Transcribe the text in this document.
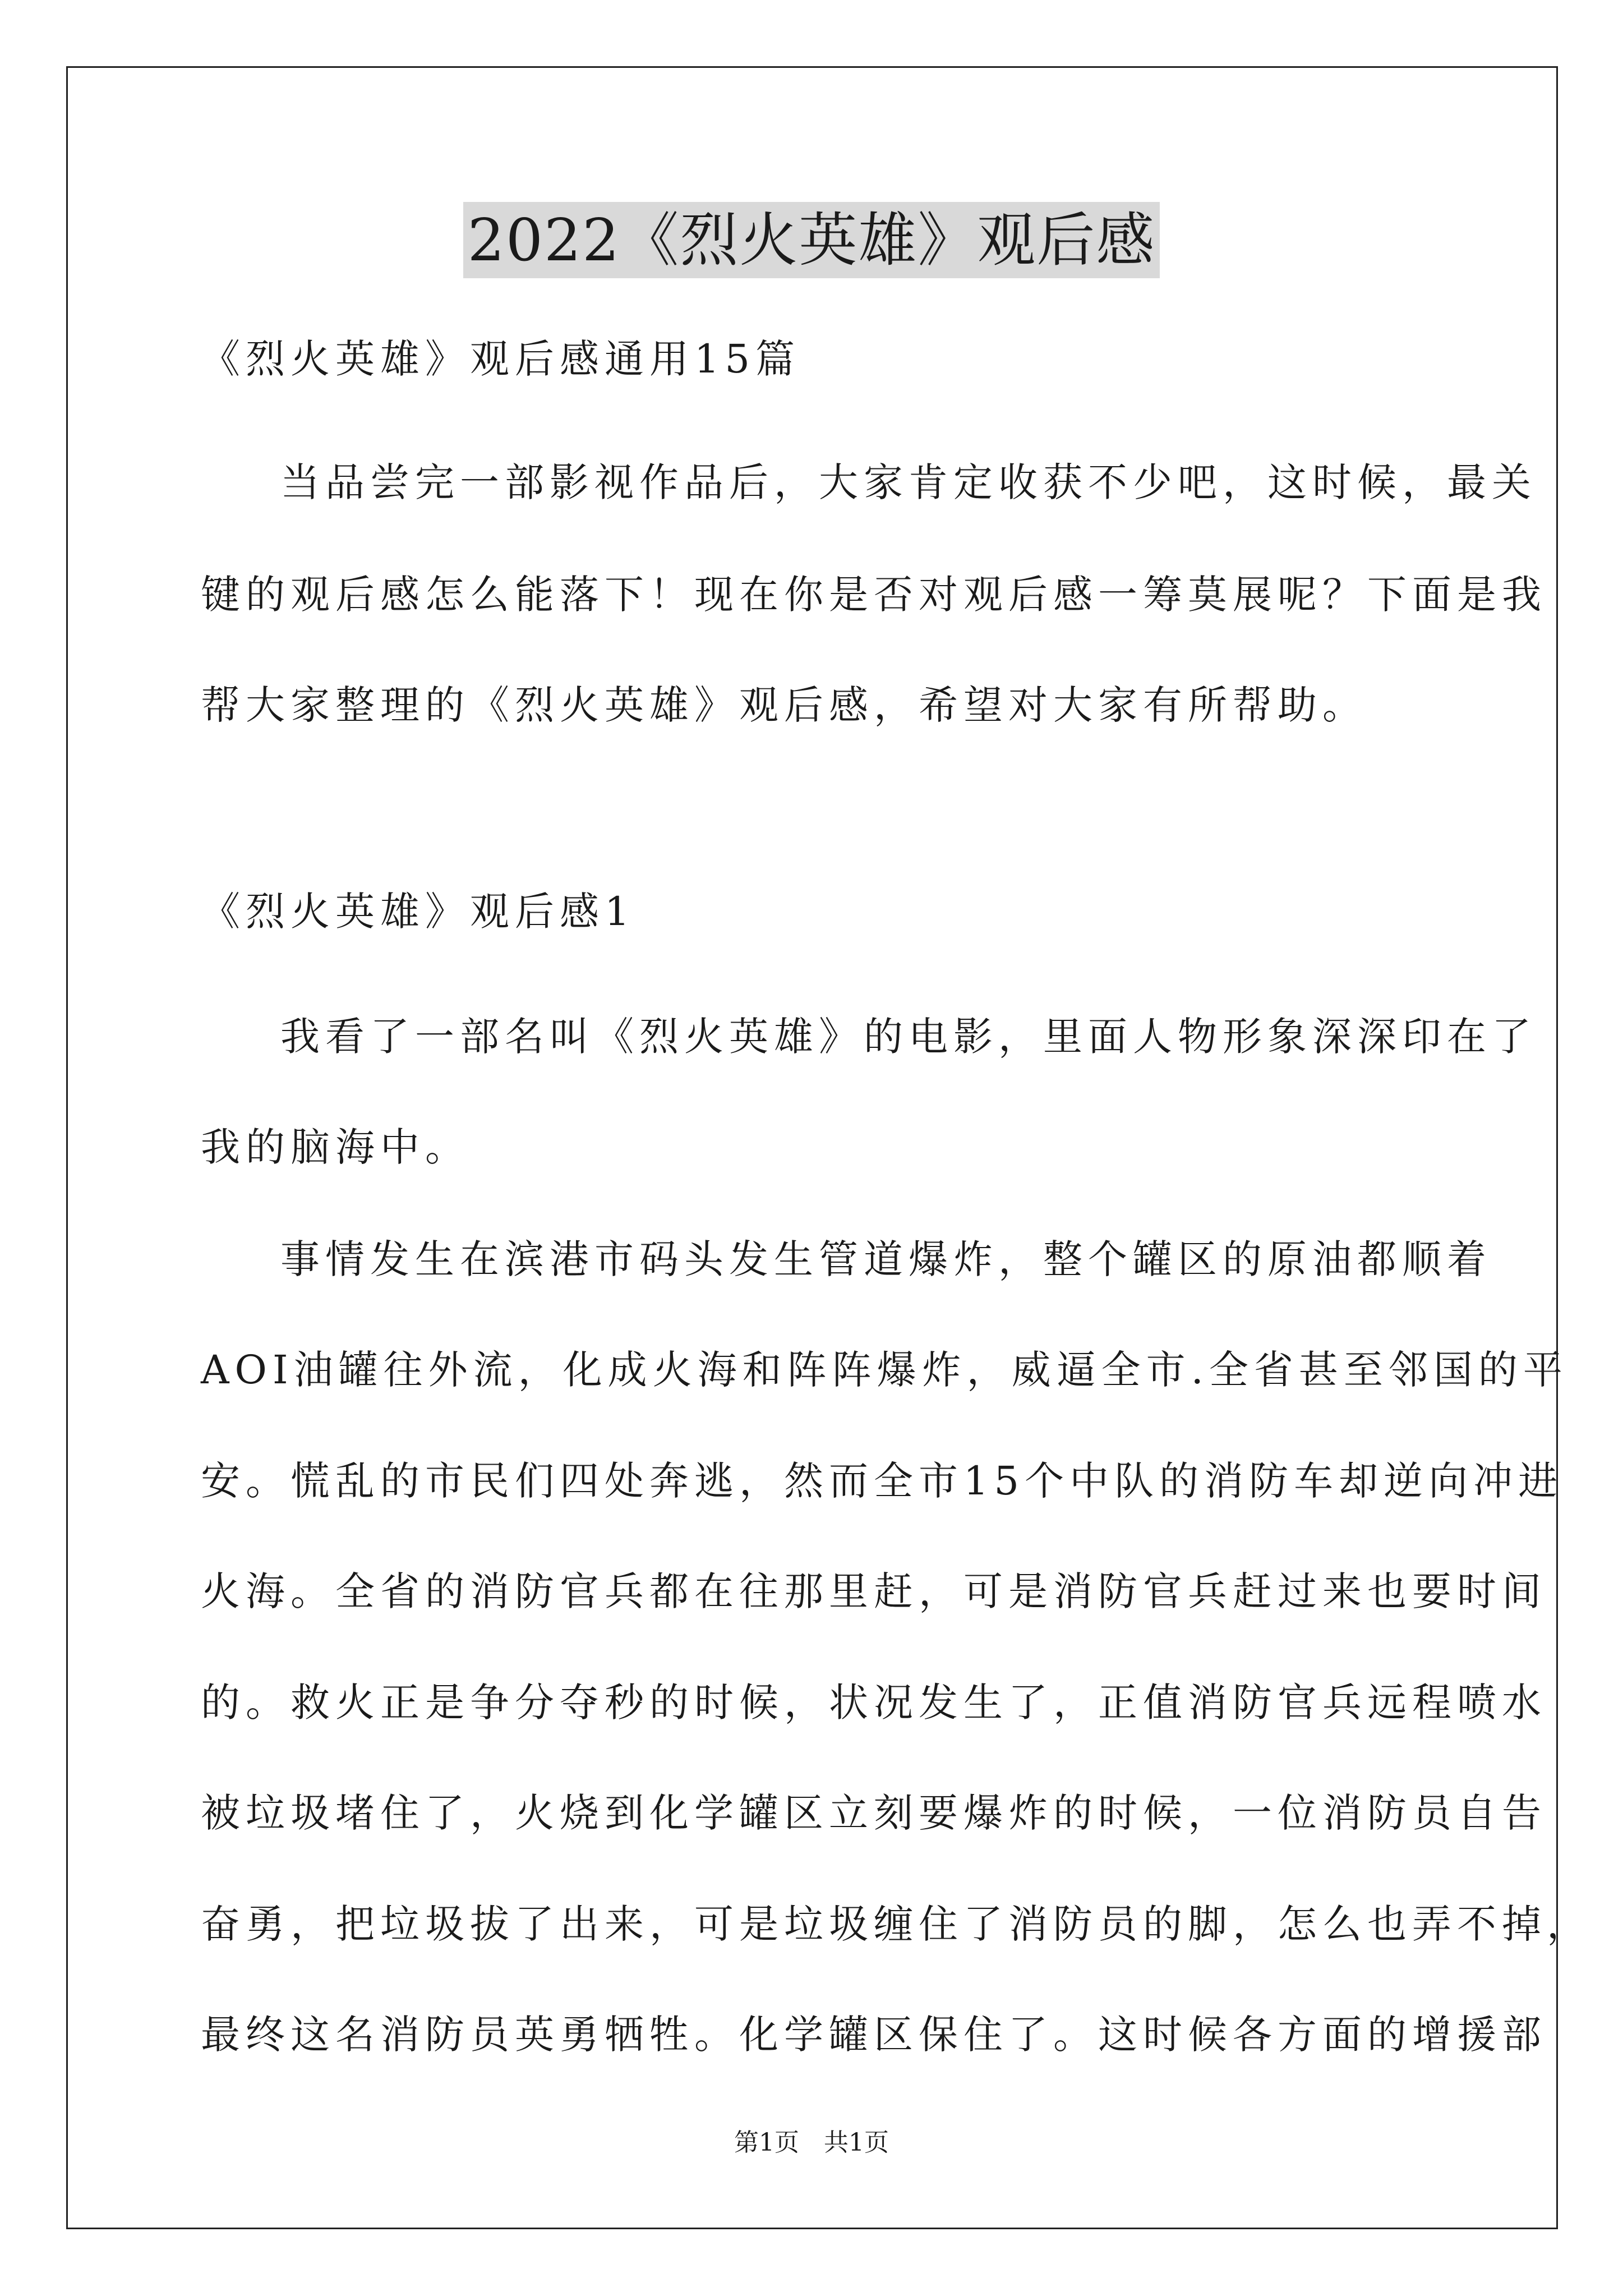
2022《烈火英雄》观后感
《烈火英雄》观后感通用15篇
当品尝完一部影视作品后，大家肯定收获不少吧，这时候，最关
键的观后感怎么能落下！现在你是否对观后感一筹莫展呢？下面是我
帮大家整理的《烈火英雄》观后感，希望对大家有所帮助。
《烈火英雄》观后感1
我看了一部名叫《烈火英雄》的电影，里面人物形象深深印在了
我的脑海中。
事情发生在滨港市码头发生管道爆炸，整个罐区的原油都顺着
AOI油罐往外流，化成火海和阵阵爆炸，威逼全市.全省甚至邻国的平
安。慌乱的市民们四处奔逃，然而全市15个中队的消防车却逆向冲进
火海。全省的消防官兵都在往那里赶，可是消防官兵赶过来也要时间
的。救火正是争分夺秒的时候，状况发生了，正值消防官兵远程喷水
被垃圾堵住了，火烧到化学罐区立刻要爆炸的时候，一位消防员自告
奋勇，把垃圾拔了出来，可是垃圾缠住了消防员的脚，怎么也弄不掉，
最终这名消防员英勇牺牲。化学罐区保住了。这时候各方面的增援部
第1页　共1页
